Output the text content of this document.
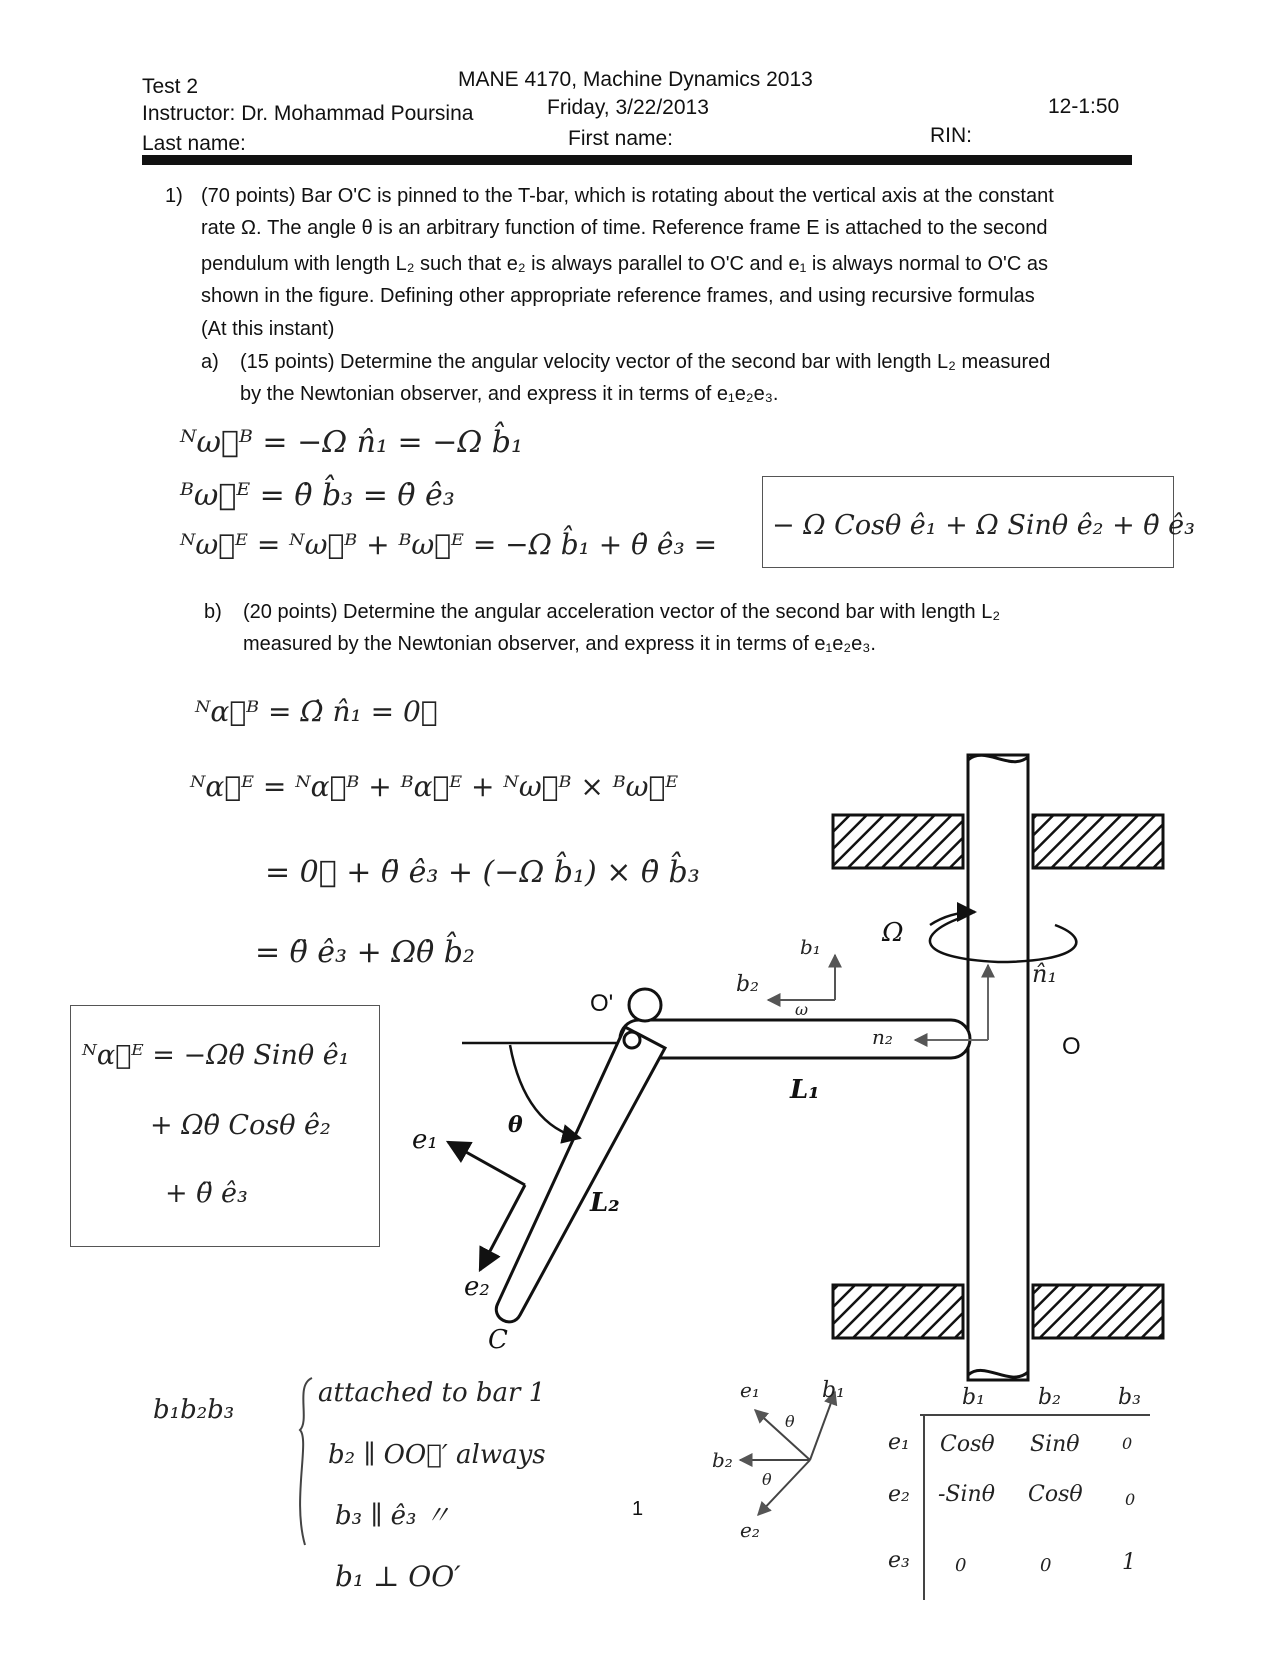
Test 2	MANE 4170, Machine Dynamics 2013
Instructor: Dr. Mohammad Poursina	Friday, 3/22/2013	12-1:50
Last name:	First name:	RIN:
1) (70 points) Bar O'C is pinned to the T-bar, which is rotating about the vertical axis at the constant
rate Ω. The angle θ is an arbitrary function of time. Reference frame E is attached to the second
pendulum with length L₂ such that e₂ is always parallel to O'C and e₁ is always normal to O'C as
shown in the figure. Defining other appropriate reference frames, and using recursive formulas
(At this instant)
a) (15 points) Determine the angular velocity vector of the second bar with length L₂ measured
by the Newtonian observer, and express it in terms of e₁e₂e₃.
ᴺω⃗ᴮ = −Ω n̂₁ = −Ω b̂₁
ᴮω⃗ᴱ = θ̇ b̂₃ = θ̇ ê₃
ᴺω⃗ᴱ = ᴺω⃗ᴮ + ᴮω⃗ᴱ = −Ω b̂₁ + θ̇ ê₃ =
− Ω Cosθ ê₁ + Ω Sinθ ê₂ + θ̇ ê₃
b) (20 points) Determine the angular acceleration vector of the second bar with length L₂
measured by the Newtonian observer, and express it in terms of e₁e₂e₃.
ᴺα⃗ᴮ = Ω̇ n̂₁ = 0⃗
ᴺα⃗ᴱ = ᴺα⃗ᴮ + ᴮα⃗ᴱ + ᴺω⃗ᴮ × ᴮω⃗ᴱ
= 0⃗ + θ̈ ê₃ + (−Ω b̂₁) × θ̇ b̂₃
= θ̈ ê₃ + Ωθ̇ b̂₂
ᴺα⃗ᴱ = −Ωθ̇ Sinθ ê₁
+ Ωθ̇ Cosθ ê₂
+ θ̈ ê₃
Ω
n̂₁
n₂	O
O'
L₁
L₂
θ
e₁
e₂
C
b₁
b₂
ω
b₁b₂b₃
attached to bar 1
b₂ ∥ OO⃗′ always
b₃ ∥ ê₃ 〃
b₁ ⊥ OO′
e₁	b₁
b₂
e₂
θ
θ
b₁ b₂	b₃
e₁ Cosθ Sinθ	0
e₂ -Sinθ Cosθ	0
e₃	0	0	1
1
